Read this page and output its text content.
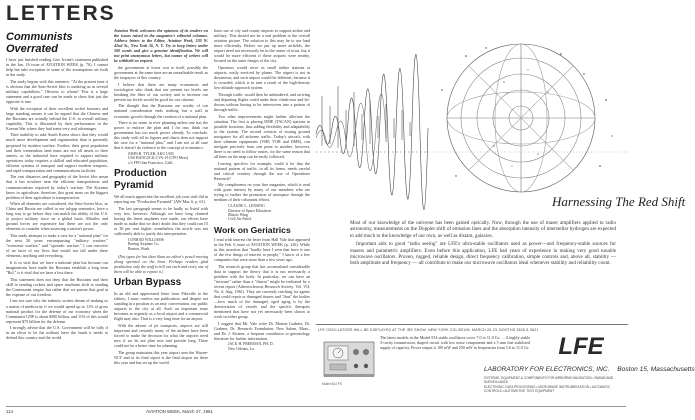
LETTERS
Communists Overrated

I have just finished reading Gen. Irvine's statement published in the Jan. 16 issue of AVIATION WEEK (p. 76). I cannot help but take exception to some of the assumptions set forth in the study.

The study begins with this sentence: "At the present time it is obvious that the Sino-Soviet bloc is outdoing us in several military capabilities." Obvious to whom? This is a large statement and a good case can be made to show that just the opposite is true.

With the exception of their excellent rocket boosters and large standing armies it can be argued that the Chinese and the Russians are actually behind the U.S. in overall military capability. This is illustrated by their performance in the Korean War where they had some very real advantages.

Their inability to take South Korea shows that they would much more development and organization than is presently proposed by modern warfare. Further, their great population and their tremendous land mass are not all assets to their armies, as the industrial base required to support military operations today requires a skilled and educated population, efficient systems of transport and support modern weapons, and rapid transportation and communications facilities.

The vast distances and geography of the Soviet bloc mean that it has nowhere near the efficient transportation and communications required by today's warfare. The Koreans know in agriculture, therefore, this great mass on the biggest problem of their agriculture is transportation.

When all elements are considered, the Sino-Soviet bloc, as China and Russia are called in our ad-gap semantics, have a long way to go before they can match the ability of the U.S. to project military force on a global basis. Missiles and ground forces are expensive but these are not the only elements to consider when assessing a nation's power.

This study attempts to make a case for a "national plan" for the next 50 years encompassing "military warfare," "economic warfare," and "sporadic warfare." I can conceive of no facet of our lives that would not fall under these elements; anything and everything.

It is so vital that we have a national plan but because our imaginations have made the Russians establish a long term "Bol," is it vital that we have a less there.

This statement does not deny that the Russians and their skill in sending rockets and space machines aloft to sending the Communist empire but rather that we pursue that goal at the expense of our freedom.

I am not sure why the industry writers dream of making us a nation of mediocrity if we would spend up to 11% of gross national product for the defense of our economy when the Communist GNP is about $500 billion, and 11% of this would represent $75 billion for the defense.

I strongly advise that the U.S. Government will be fully if in an effort to let the military have the funds it needs to defend this country and the world.

Aviation Week welcomes the opinions of its readers on the issues raised in the magazine's editorial columns. Address letters to the Editor, Aviation Week, 330 W. 42nd St., New York 36, N. Y. Try to keep letters under 500 words and give a genuine identification. We will not print anonymous letters, but names of writers will be withheld on request.

the government at lower cost to itself, possibly the government at the same time are an unrealizable result as the taxpayers of this country.

I believe that there are many economists and sociologists who think that our present tax levels are breaking the fiber of our society and to increase our present tax levels would be good for our citizens.

The thought that the Russians are worthy of our national consideration ends nothing but a stall in economic growth through the creation of a national plan.

There is no sense in over planning unless one has the power to enforce the plan and I for one, think our government has too much power already. To conclude, this study with all its figures and charts does not support the case for a "national plan," and I am not at all sure that it doesn't do violence to the concept of economics.

JOHN B. TYLER, AKU USN
USS HANCOCK CVA-19 (CPO Mess)
c/o FPO San Francisco, Calif.

Production Pyramid

We all much appreciate the excellent job your staff did in reporting our "Production Pyramid" (AW Mar. 6, p. 61).

The last paragraph seems to be badly so listed with very few, however. Although we have long claimed having the finest airplanes ever made, our efforts have made us make that we don't doubt that they could run 15 or 30 per cent higher, nonetheless the article was not sufficiently able to justify this interpretation.

CONRAD WILLIAMS
Boeing Airplane Co.
Renton, Wash.

(Not typos for but than blunt an editor's pencil moving along sprinted on the lines. Perhaps readers glad production only the staff to bill out each and every one of them will be able to repeat it.)

Urban Bypass

In an old and appreciated letter from Pikeville to the editors, I must confess our publication, and despite not standing in a position as an easy conversation, our public airports to the city at all. Such an important issue becomes as urgently as a local airport and a commercial flight may also. That is a very long time for an airport.

With the advent of jet transports, airports are still important and certainly many of the airlines have been forced to make the decision for what the airports need now if we do not plan now and provide long. There could not be a better time for planning.

The group maintains this year airport area the Wayne-NCT and in its final report is the final airport set there this year and has set up the world.

basic use of city and county airports to support airline and military. This should not be a real problem to the overall aviation picture. The solution to this may be to use land more efficiently. Before we put up more airfields, the airport need not necessarily be in the center of town, but it would be more efficient if those airports were nearby, located on the outer fringes of the city.

Operators would serve as small airline stations at airports, easily serviced by planes. The airport is not in downtown, and each airport would be different, because it is crowded, which is in turn a result of the high-density low-altitude approach system.

Through traffic would then be unhindered, and arriving and departing flights could make their climb-outs and let-downs without having to be interwoven into a pattern of through traffic.

Two other improvements might further alleviate the situation. The first is placing DME (TACAN) stations in possible locations, thus adding flexibility and adaptability to the system. The second consists of issuing ground navigators for all airborne traffic. Today's aircraft, with their ultimate equipments (VHF, VOR and DME), can navigate precisely from one point to another: however, there is no need to follow routes, for the same reason that all lines on the map can be easily followed.

Leaving specifics for example, could it be that the national pattern of traffic, in all its forms, needs careful and critical scrutiny through the use of Operations Research?

My compliments on your fine magazine, which is read with great interest by many of our members who are trying to further the promotion of aerospace through the medium of their columnist efforts.

CLAUDE L. LENSING
Director of Space Education
Illinois Wing
Civil Air Patrol

Work on Geriatrics

I read with interest the letter from Hall Vale that appeared in the Feb. 6 issue of AVIATION WEEK (p. 126). While in this assertion that "hardly have I seen that have is one of the few things of interest to people," I know of a few companies that were more than a few years ago.

The research group that has accumulated considerable data to support the theory that it is not necessarily a problem with the body. In particular, we can have an "increase" rather than a "fitness" might be indicated by a recent report (Atherosclerosis Research Society, Vol. VII, No. 6, Aug. 1961). They are currently reaching for agents that could repair or damaged tissues and "thus" the bodies—how much of the damaged, aged aging is by the deterioration of vessels and the specific therapies mentioned that have not yet necessarily been shown to work in either group.

I suggest that Mr. Vale write Dr. Marion Grabner, Dr. Grabner, Dr. Research Foundation, New Salem, Mass., and Dr. J. Kirsner, a frequent contributor to gerontology literature for further information.

JACK H. FREEMAN, PH. D.
New Orleans, La.

Harnessing The Red Shift

Most of our knowledge of the universe has been gained optically. Now, through the use of maser amplifiers applied to radio astronomy, measurements on the Doppler shift of emission lines and the absorption intensity of interstellar hydrogen are expected to add much to the knowledge of our own, as well as distant, galaxies.

Important aids to good "radio seeing" are LFE's ultra-stable oscillators used as power—and frequency-stable sources for masers and parametric amplifiers. Even before this application, LFE had years of experience in making very good tunable microwave oscillators. Proven, rugged, reliable design, direct frequency calibration, simple controls and, above all, stability — both amplitude and frequency — all contribute to make our microwave oscillators ideal whenever stability and reliability count.

LFE OSCILLATORS WILL BE DISPLAYED AT THE IRE SHOW, NEW YORK COLISEUM, MARCH 20-23, BOOTHS 3626 & 3621
Model 814 FS
The latest models in the Model 814 stable oscillators cover 7.0 to 11.0 Gc. ... A highly stable 3-cavity transmission, shaped circuit with low noise components and a 5 mm line stabilized supply of capacity. Power output is 100 mW and 250 mW in frequencies from 5.6 to 11.0 Gc. LFE
LABORATORY FOR ELECTRONICS, INC. Boston 15, Massachusetts
SYSTEMS, EQUIPMENT & COMPONENTS FOR AIRBORNE NAVIGATION • RADAR AND SURVEILLANCE
ELECTRONIC DATA PROCESSING • MICROWAVE INSTRUMENTATION • AUTOMATIC CONTROLS • AUTOMOTIVE TEST EQUIPMENT
114	AVIATION WEEK, March 27, 1961
